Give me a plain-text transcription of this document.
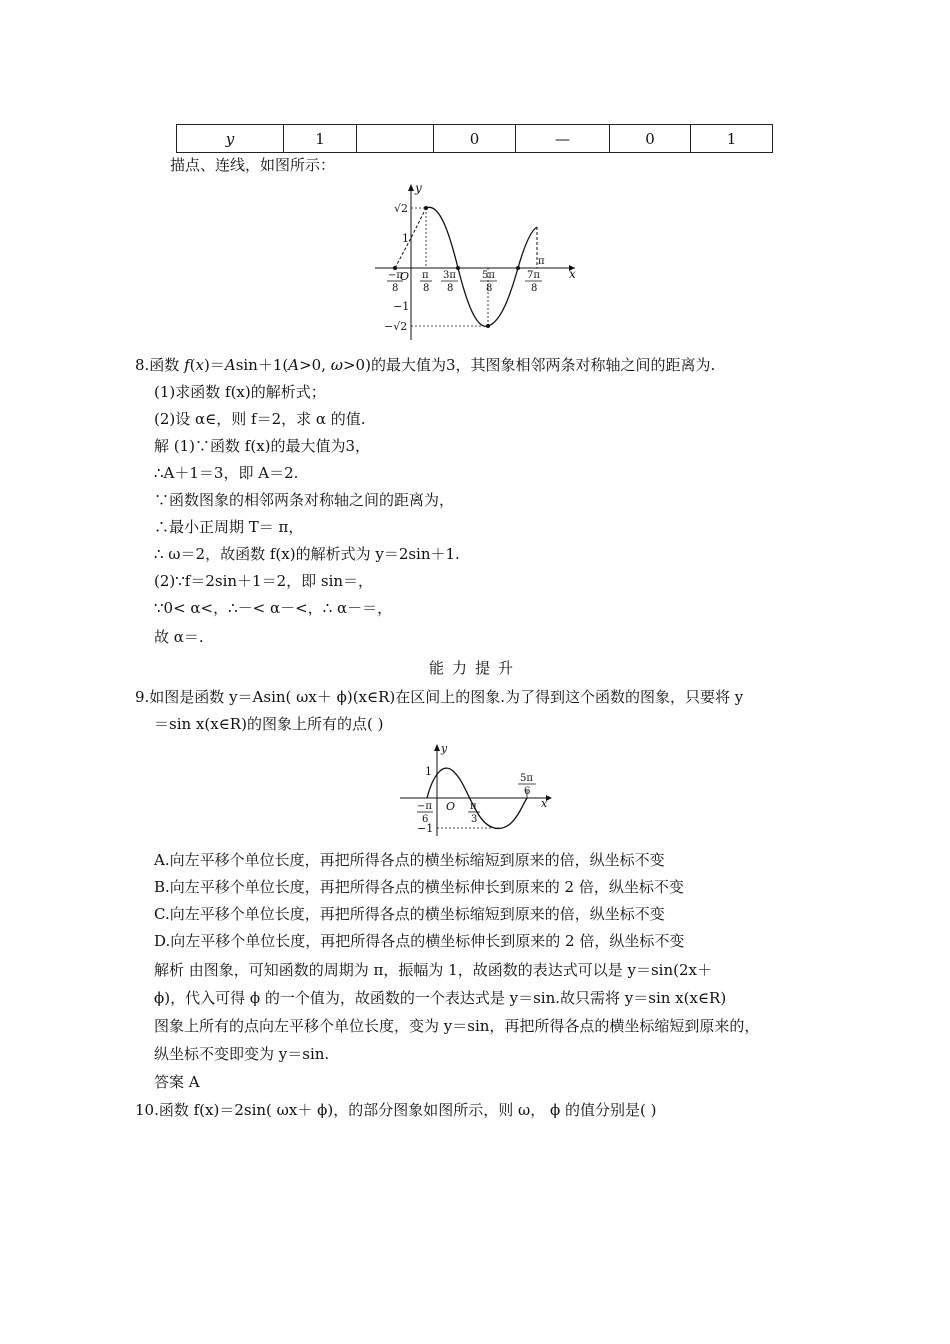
y	1		0	—	0	1
描点、连线，如图所示：
y
x
O
√2
1
−1
−√2
−π
8
π
8
3π
8
5π
8
7π
8
π
8.函数 f(x)＝Asin＋1(A>0, ω>0)的最大值为3，其图象相邻两条对称轴之间的距离为.
(1)求函数 f(x)的解析式；
(2)设 α∈，则 f＝2，求 α 的值.
解 (1)∵函数 f(x)的最大值为3，
∴A＋1＝3，即 A＝2.
∵函数图象的相邻两条对称轴之间的距离为，
∴最小正周期 T＝ π，
∴ ω＝2，故函数 f(x)的解析式为 y＝2sin＋1.
(2)∵f＝2sin＋1＝2，即 sin＝，
∵0< α<，∴－< α－<，∴ α－＝，
故 α＝.
能力提升
9.如图是函数 y＝Asin( ωx＋ ϕ)(x∈R)在区间上的图象.为了得到这个函数的图象，只要将 y
＝sin x(x∈R)的图象上所有的点( )
y
x
O
1
−1
−π
6
π
3
5π
6
A.向左平移个单位长度，再把所得各点的横坐标缩短到原来的倍，纵坐标不变
B.向左平移个单位长度，再把所得各点的横坐标伸长到原来的 2 倍，纵坐标不变
C.向左平移个单位长度，再把所得各点的横坐标缩短到原来的倍，纵坐标不变
D.向左平移个单位长度，再把所得各点的横坐标伸长到原来的 2 倍，纵坐标不变
解析 由图象，可知函数的周期为 π，振幅为 1，故函数的表达式可以是 y＝sin(2x＋
ϕ)，代入可得 ϕ 的一个值为，故函数的一个表达式是 y＝sin.故只需将 y＝sin x(x∈R)
图象上所有的点向左平移个单位长度，变为 y＝sin，再把所得各点的横坐标缩短到原来的，
纵坐标不变即变为 y＝sin.
答案 A
10.函数 f(x)＝2sin( ωx＋ ϕ)，的部分图象如图所示，则 ω， ϕ 的值分别是( )
